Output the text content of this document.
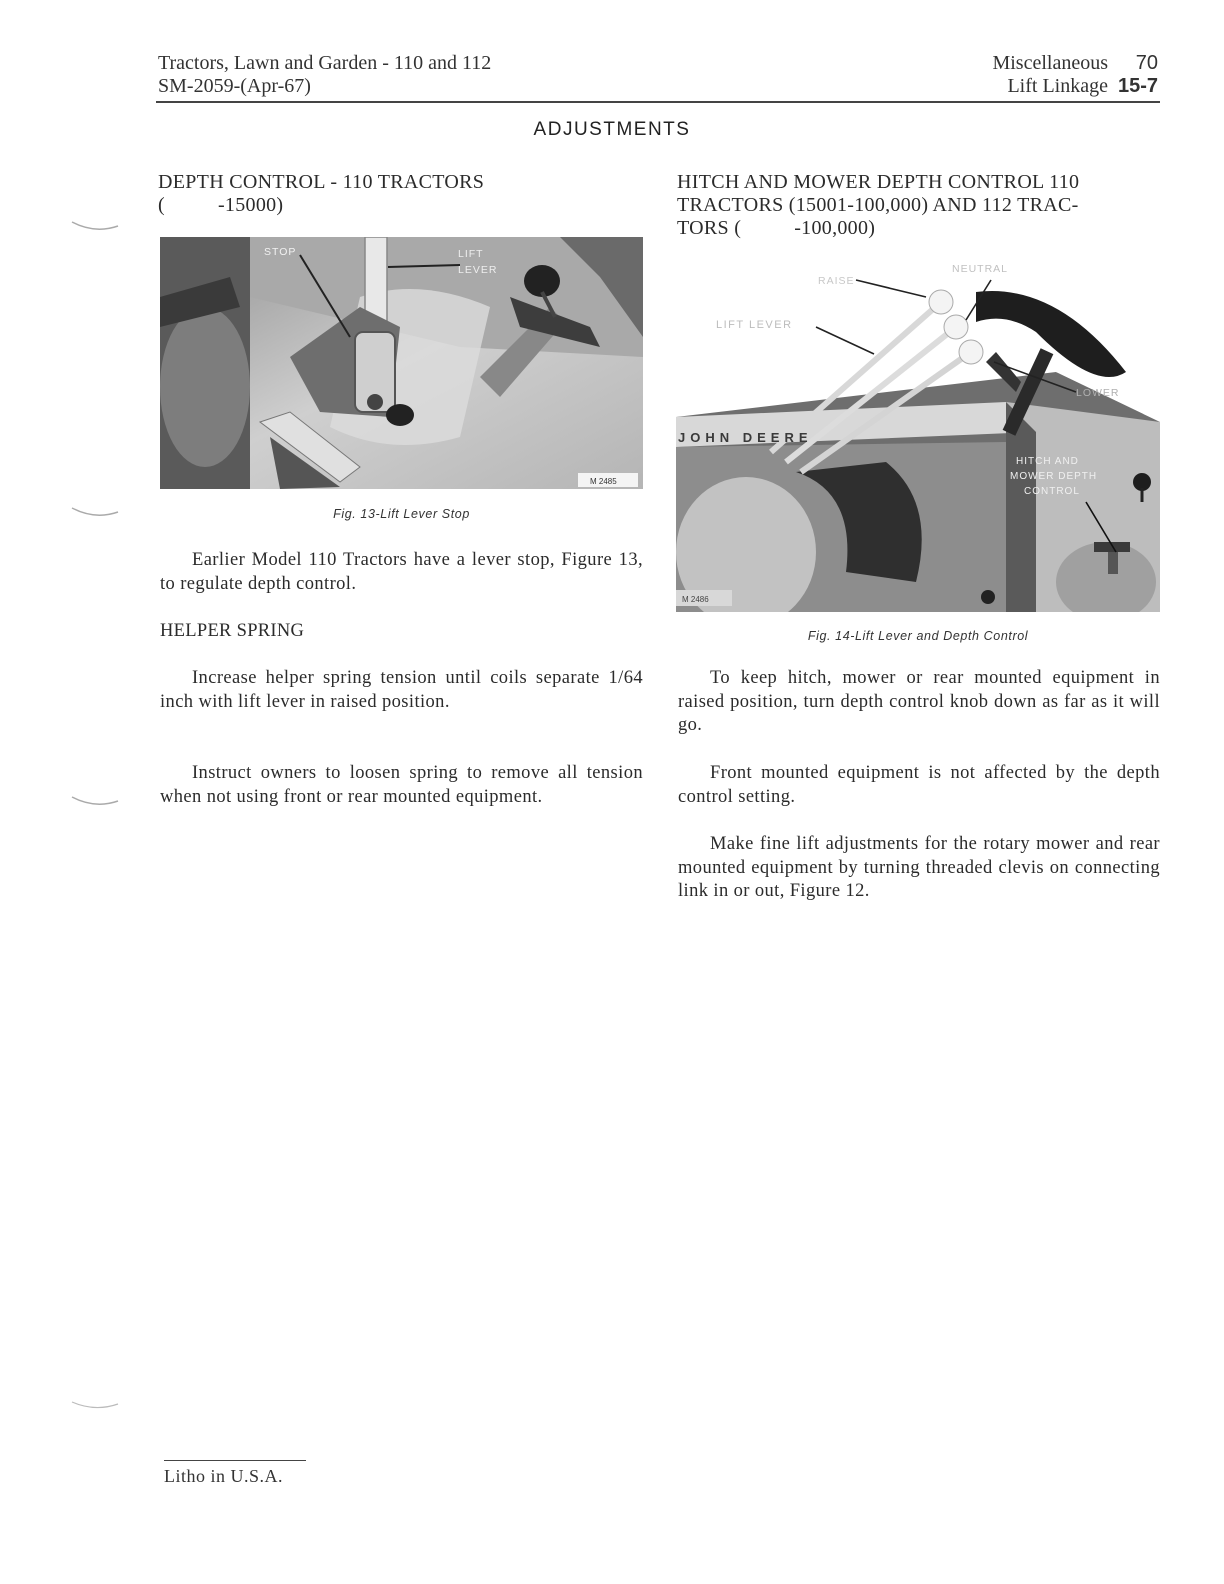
Tractors, Lawn and Garden - 110 and 112
SM-2059-(Apr-67)
Miscellaneous 70
Lift Linkage 15-7
ADJUSTMENTS
DEPTH CONTROL - 110 TRACTORS
(          -15000)
STOP	LIFT
LEVER
M 2485
Fig. 13-Lift Lever Stop
Earlier Model 110 Tractors have a lever stop, Figure 13, to regulate depth control.
HELPER SPRING
Increase helper spring tension until coils separate 1/64 inch with lift lever in raised position.
Instruct owners to loosen spring to remove all tension when not using front or rear mounted equipment.
HITCH AND MOWER DEPTH CONTROL 110
TRACTORS (15001-100,000) AND 112 TRAC-
TORS (          -100,000)
RAISE
NEUTRAL
LIFT LEVER
LOWER
JOHN DEERE
HITCH AND
MOWER DEPTH
CONTROL
M 2486
Fig. 14-Lift Lever and Depth Control
To keep hitch, mower or rear mounted equipment in raised position, turn depth control knob down as far as it will go.
Front mounted equipment is not affected by the depth control setting.
Make fine lift adjustments for the rotary mower and rear mounted equipment by turning threaded clevis on connecting link in or out, Figure 12.
Litho in U.S.A.
